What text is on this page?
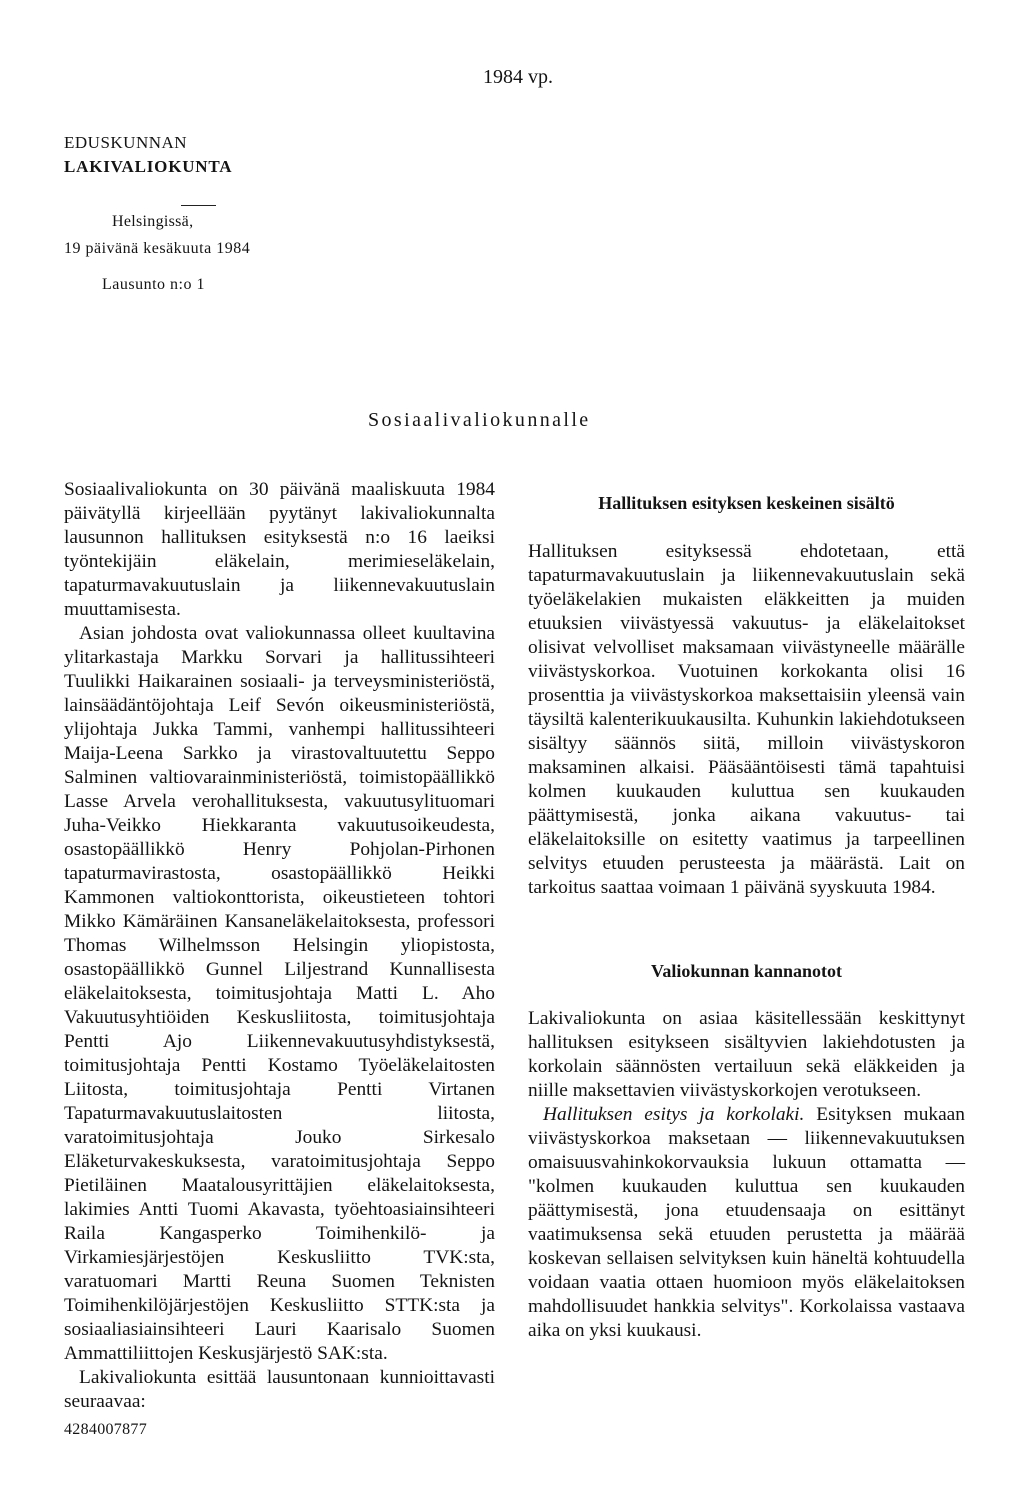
1984 vp.
EDUSKUNNAN
LAKIVALIOKUNTA
Helsingissä,
19 päivänä kesäkuuta 1984
Lausunto n:o 1
Sosiaalivaliokunnalle

Sosiaalivaliokunta on 30 päivänä maaliskuuta 1984 päivätyllä kirjeellään pyytänyt lakivaliokunnalta lausunnon hallituksen esityksestä n:o 16 laeiksi työntekijäin eläkelain, merimieseläkelain, tapaturmavakuutuslain ja liikennevakuutuslain muuttamisesta.

Asian johdosta ovat valiokunnassa olleet kuultavina ylitarkastaja Markku Sorvari ja hallitussihteeri Tuulikki Haikarainen sosiaali- ja terveysministeriöstä, lainsäädäntöjohtaja Leif Sevón oikeusministeriöstä, ylijohtaja Jukka Tammi, vanhempi hallitussihteeri Maija-Leena Sarkko ja virastovaltuutettu Seppo Salminen valtiovarainministeriöstä, toimistopäällikkö Lasse Arvela verohallituksesta, vakuutusylituomari Juha-Veikko Hiekkaranta vakuutusoikeudesta, osastopäällikkö Henry Pohjolan-Pirhonen tapaturmavirastosta, osastopäällikkö Heikki Kammonen valtiokonttorista, oikeustieteen tohtori Mikko Kämäräinen Kansaneläkelaitoksesta, professori Thomas Wilhelmsson Helsingin yliopistosta, osastopäällikkö Gunnel Liljestrand Kunnallisesta eläkelaitoksesta, toimitusjohtaja Matti L. Aho Vakuutusyhtiöiden Keskusliitosta, toimitusjohtaja Pentti Ajo Liikennevakuutusyhdistyksestä, toimitusjohtaja Pentti Kostamo Työeläkelaitosten Liitosta, toimitusjohtaja Pentti Virtanen Tapaturmavakuutuslaitosten liitosta, varatoimitusjohtaja Jouko Sirkesalo Eläketurvakeskuksesta, varatoimitusjohtaja Seppo Pietiläinen Maatalousyrittäjien eläkelaitoksesta, lakimies Antti Tuomi Akavasta, työehtoasiainsihteeri Raila Kangasperko Toimihenkilö- ja Virkamiesjärjestöjen Keskusliitto TVK:sta, varatuomari Martti Reuna Suomen Teknisten Toimihenkilöjärjestöjen Keskusliitto STTK:sta ja sosiaaliasiainsihteeri Lauri Kaarisalo Suomen Ammattiliittojen Keskusjärjestö SAK:sta.

Lakivaliokunta esittää lausuntonaan kunnioittavasti seuraavaa:

Hallituksen esityksen keskeinen sisältö

Hallituksen esityksessä ehdotetaan, että tapaturmavakuutuslain ja liikennevakuutuslain sekä työeläkelakien mukaisten eläkkeitten ja muiden etuuksien viivästyessä vakuutus- ja eläkelaitokset olisivat velvolliset maksamaan viivästyneelle määrälle viivästyskorkoa. Vuotuinen korkokanta olisi 16 prosenttia ja viivästyskorkoa maksettaisiin yleensä vain täysiltä kalenterikuukausilta. Kuhunkin lakiehdotukseen sisältyy säännös siitä, milloin viivästyskoron maksaminen alkaisi. Pääsääntöisesti tämä tapahtuisi kolmen kuukauden kuluttua sen kuukauden päättymisestä, jonka aikana vakuutus- tai eläkelaitoksille on esitetty vaatimus ja tarpeellinen selvitys etuuden perusteesta ja määrästä. Lait on tarkoitus saattaa voimaan 1 päivänä syyskuuta 1984.

Valiokunnan kannanotot

Lakivaliokunta on asiaa käsitellessään keskittynyt hallituksen esitykseen sisältyvien lakiehdotusten ja korkolain säännösten vertailuun sekä eläkkeiden ja niille maksettavien viivästyskorkojen verotukseen.

Hallituksen esitys ja korkolaki. Esityksen mukaan viivästyskorkoa maksetaan — liikennevakuutuksen omaisuusvahinkokorvauksia lukuun ottamatta — "kolmen kuukauden kuluttua sen kuukauden päättymisestä, jona etuudensaaja on esittänyt vaatimuksensa sekä etuuden perustetta ja määrää koskevan sellaisen selvityksen kuin häneltä kohtuudella voidaan vaatia ottaen huomioon myös eläkelaitoksen mahdollisuudet hankkia selvitys". Korkolaissa vastaava aika on yksi kuukausi.

4284007877
